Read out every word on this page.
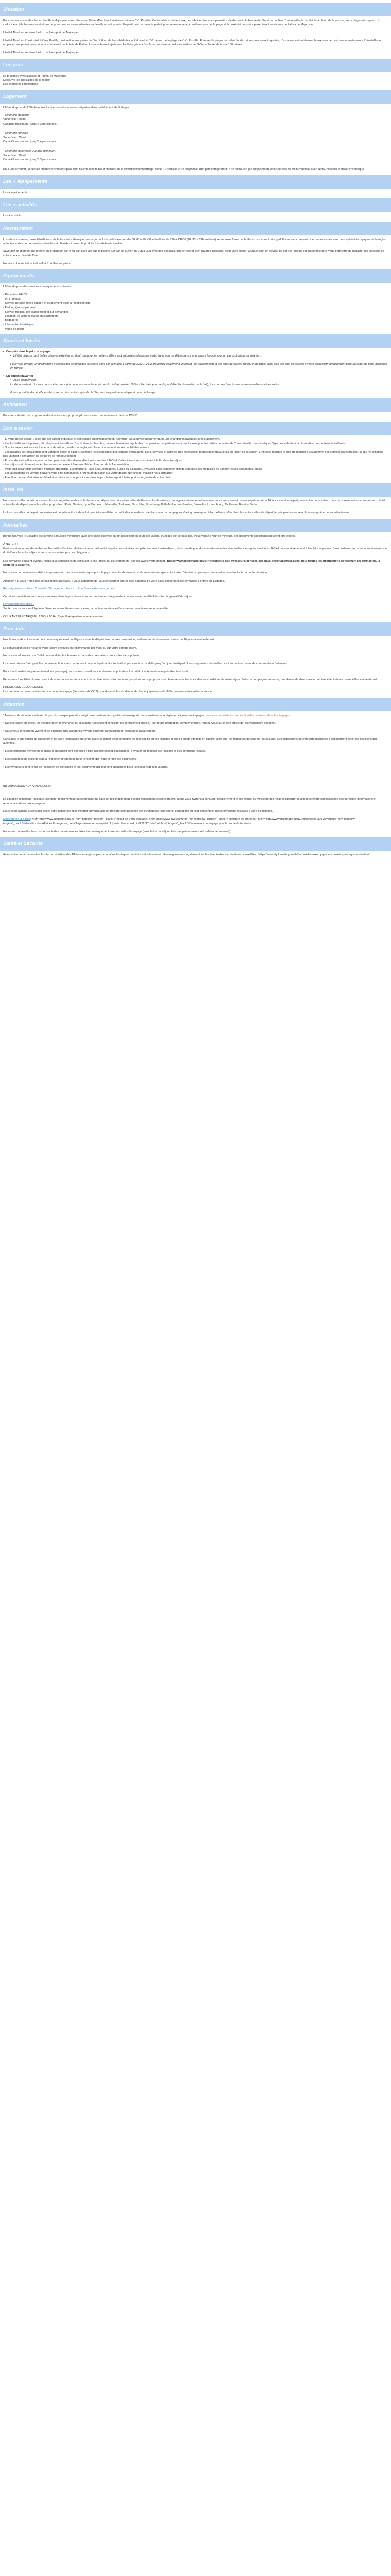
Situation

Pour des vacances de rêve en famille à Majorque, venez découvrir l'hôtel Alua Leo, idéalement situé à Ca'n Pastilla. Confortable et chaleureux, ce club 4 étoiles vous permettra de découvrir la beauté de l'île et de profiter d'une multitude d'activités au bord de la piscine, entre plages et criques. Un cadre idéal, à la fois reposant et animé, pour des vacances réussies en famille ou entre amis. Un petit coin de paradis parfait pour se ressourcer, à quelques pas de la plage et à proximité des principaux lieux touristiques de Palma de Majorque.

L'Hôtel Alua Leo se situe à 4 km de l'aéroport de Majorque.

L'Hôtel Alua Leo 4* est situé à Ca'n Pastilla, destination très prisée de l'île, à 8 km de la cathédrale de Palma et à 100 mètres de la plage de Ca'n Pastilla. Entouré de plages de sable fin, de criques aux eaux turquoise, d'espaces verts et de nombreux commerces, bars et restaurants, l'hôtel offre un emplacement parfait pour découvrir la beauté de la baie de Palma. Les nombreux trajets sont facilités grâce à l'arrêt de bus situé à quelques mètres de l'hôtel et l'arrêt de taxi à 100 mètres.

L'Hôtel Alua Leo se situe à 4 km de l'aéroport de Majorque.

Les plus
La proximité avec la plage et Palma de Majorque
Découvrir les spécialités de la région
Les chambres confortables
Logement

L'hôtel dispose de 280 chambres lumineuses et modernes, réparties dans un bâtiment de 5 étages.

- Chambre standard
Superficie : 20 m²
Capacité maximum : jusqu'à 3 personnes.
- Chambre familiale
Superficie : 25 m²
Capacité maximum : jusqu'à 4 personnes.
- Chambre supérieure vue mer (vendue) :
Superficie : 20 m²
Capacité maximum : jusqu'à 3 personnes.

Pour votre confort, toutes les chambres sont équipées d'un balcon avec table et chaises, de la climatisation/chauffage, d'une TV satellite, d'un téléphone, d'un petit réfrigérateur, d'un coffre-fort (en supplément), et d'une salle de bain complète avec sèche-cheveux et miroir cosmétique.

Les + équipements

Les + équipements

Les + activités

Les + activités

Restauration

Lors de votre séjour, vous bénéficierez de la formule « demi-pension » qui inclut le petit-déjeuner de 08h00 à 10h30, et le dîner de 19h à 21h30 (18h30 – 21h en hiver) servis sous forme de buffet au restaurant principal. Il vous sera proposé une cuisine variée avec des spécialités typiques de la région et toutes sortes de préparations fraîches et chaudes à base de produits frais de haute qualité.

Savourez un moment de détente en prenant un verre au bar avec vue sur la piscine. Le bar est ouvert de 10h à 00h avec des cocktails, des en-cas et bien d'autres boissons, pour votre plaisir. Chaque jour, un service de bar à la piscine est disponible pour vous permettre de déguster les boissons de votre choix au bord de l'eau.

Horaires donnés à titre indicatif et à vérifier sur place.

Equipements

L'hôtel dispose des services et équipements suivants :

- Réception 24h/24
- Wi-Fi gratuit
- Service de salle (avec caution et supplément pour la réceptionniste)
- Parking (en supplément)
- Service médical (en supplément et sur demande)
- Location de voitures (vélo) en supplément
- Bagagerie
- Information touristique
- Vente de billets
Sports et loisirs
• Compris dans le prix du voyage

▪ L'hôtel dispose de 2 belles piscines extérieures, dont une pour les enfants. Elles sont entourées d'espaces verts, idéal pour se détendre sur une chaise longue sous un parasol grâce au solarium.

Pour vous divertir, un programme d'animations est proposé plusieurs soirs par semaine à partir de 21h30. Vous trouverez également un billard (en supplément) et des jeux de société au bar et de table, ainsi que des jeux de société à votre disposition gratuitement pour partager de bons moments en famille.

• En option (payante)
▪ Avec supplément :

La découverte du 2 roues pourra être une option pour explorer les environs du club (consulter l'hôtel à l'arrivée pour la disponibilité, la réservation et le tarif), tout comme l'accès au centre de wellness et les soins.

Il sera possible de bénéficier des spas ou des centres sportifs de l'île, sauf support de montage et carte de lavage.

Animation

Pour vous divertir, un programme d'animations est proposé plusieurs soirs par semaine à partir de 21h30.

Bon à savoir
- Si vous partez seul(e), votre prix est garanti individuel et est calculé automatiquement. Attention : vous devez séjourner dans une chambre individuelle avec supplément.
- Les lits bébé sont à prévoir, afin de pouvoir bénéficier d'un lit dans la chambre, un supplément est applicable. La pension complète ne sera pas incluse pour les bébés de moins de 2 ans. Veuillez nous indiquer l'âge des enfants à la réservation pour obtenir le tarif exact.
- Si votre séjour est soumis à une taxe de séjour, veuillez la régler sur place directement auprès de l'établissement.
- Les horaires de restauration sont variables selon la saison. Attention : il est possible que certains restaurants, bars, services et activités de l'hôtel soient fermés pour travaux ou en raison de la saison. L'hôtel se réserve le droit de modifier ou supprimer ces services sans préavis, ce qui ne constitue pas un motif d'annulation de séjour ni de remboursement.
- En cas de forte affluence, une caution peut vous être demandée à votre arrivée à l'hôtel. Celle-ci vous sera restituée à la fin de votre séjour.
- Les séjours et réservations en basse saison peuvent être modifiés en fonction de la fréquentation.
- Pour tout départ d'un aéroport frontalier (Belgique, Luxembourg, Pays-Bas, Allemagne, Suisse ou Espagne...) veuillez nous contacter afin de connaître les modalités de transfert et les documents requis.
- Les attestations de voyage peuvent vous être demandées. Pour toute question sur votre dossier de voyage, veuillez nous contacter.
- Attention : le transfert aéroport hôtel et le retour ne sont pas inclus dans le prix, le transport à l'aéroport est organisé de votre côté.
Infos vol

Nous avons sélectionné pour vous des vols réguliers et des vols charters au départ des principales villes de France. Les horaires, compagnies aériennes et la nature du vol vous seront communiqués environ 10 jours avant le départ, avec votre convocation. Lors de la réservation, vous pourrez choisir votre ville de départ parmi les villes proposées : Paris, Nantes, Lyon, Bordeaux, Marseille, Toulouse, Nice, Lille, Strasbourg, Bâle-Mulhouse, Genève, Bruxelles, Luxembourg, Mulhouse, Brest et Toulon.

La liste des villes de départ proposées est donnée à titre indicatif et peut être modifiée, le tarif indiqué au départ de Paris avec la compagnie Vueling correspond à la meilleure offre. Pour les autres villes de départ, le prix peut varier selon la compagnie et le vol sélectionné.

Formalités

Bonne nouvelle : l'Espagne est ouverte à tous les voyageurs avec une carte d'identité ou un passeport en cours de validité, quel que soit le pays d'où vous venez. Pour les mineurs, des documents spécifiques peuvent être exigés.

À NOTER :

Il est aussi important de vérifier les formalités d'entrée relatives à votre nationalité auprès des autorités compétentes avant votre départ, ainsi que de prendre connaissance des éventuelles consignes sanitaires, l'hôtel pouvant être amené à les faire appliquer. Dans certains cas, nous nous réservons le droit d'annuler votre séjour si vous ne respectez pas ces obligations.

Les formalités peuvent évoluer. Nous vous conseillons de consulter le site officiel du gouvernement français avant votre départ : https://www.diplomatie.gouv.fr/fr/conseils-aux-voyageurs/conseils-par-pays-destination/espagne/ pour toutes les informations concernant les formalités, la santé et la sécurité.

Nous vous recommandons d'être en possession des documents requis pour le pays de votre destination et de vous assurer que votre carte d'identité ou passeport sera valide pendant toute la durée du séjour.

Attention : si vous n'êtes pas de nationalité française, il vous appartient de vous renseigner auprès des autorités de votre pays concernant les formalités d'entrée en Espagne.

Renseignements utiles : Consulat d'Espagne en France : https://www.exteriores.gob.es/

Certaines prestations ne sont pas incluses dans le prix. Nous vous recommandons de prendre connaissance du détail dans le récapitulatif du séjour.

Renseignements utiles :
Santé : aucun vaccin obligatoire. Pour les ressortissants européens, la carte européenne d'assurance maladie est recommandée.

COURANT ÉLECTRIQUE : 230 V / 50 Hz. Type F. Adaptateur non nécessaire.

Pour info

Nos horaires de vol vous seront communiqués environ 10 jours avant le départ, avec votre convocation, sauf en cas de réservation moins de 10 jours avant le départ.

La convocation et les horaires vous seront envoyés en recommandé par mail, ou sur votre compte client.

Nous vous informons que l'hôtel peut modifier les horaires et tarifs des prestations proposées sans préavis.

La convocation à l'aéroport, les horaires et le numéro de vol sont communiqués à titre indicatif et peuvent être modifiés jusqu'au jour du départ. Il vous appartient de vérifier ces informations avant de vous rendre à l'aéroport.

Pour tout transfert supplémentaire (hors package), nous vous conseillons de réserver auprès de votre hôtel directement ou auprès d'un taxi local.

Personnes à mobilité réduite : merci de nous contacter au moment de la réservation afin que nous puissions vous proposer une chambre adaptée et étudier les conditions de votre séjour. Selon la compagnie aérienne, une demande d'assistance doit être effectuée au moins 48h avant le départ.

PRÉCISIONS ÉCOLOGIQUES

Les précisions concernant le bilan carbone du voyage (émissions de CO2) sont disponibles sur demande. Les équipements de l'hôtel peuvent varier selon la saison.

Attention

* Mesures de sécurité sanitaire : le port du masque peut être exigé dans certains lieux publics et transports, conformément aux règles en vigueur en Espagne. mesures de restriction sur les liquides contenus dans les bagages

* Dans le cadre du Brexit, les voyageurs en provenance du Royaume-Uni doivent consulter les conditions d'entrée. Pour toute information complémentaire, rendez-vous sur le site officiel du gouvernement espagnol.

* Nous vous conseillons vivement de souscrire une assurance voyage couvrant l'annulation et l'assistance rapatriement.

Consultez le site officiel de l'aéroport et de votre compagnie aérienne avant le départ pour connaître les restrictions sur les liquides et autres objets interdits en cabine, ainsi que les formalités de contrôle de sécurité. Les dispositions peuvent être modifiées à tout moment selon les décisions des autorités.

* Les informations mentionnées dans ce descriptif sont données à titre indicatif et sont susceptibles d'évoluer en fonction des saisons et des conditions locales.

* Les consignes de sécurité sont à respecter strictement dans l'enceinte de l'hôtel et lors des excursions.

* Les voyageurs sont tenus de respecter les consignes et les documents qui leur sont demandés pour l'exécution de leur voyage.

INFORMATIONS AUX VOYAGEURS :

La situation climatique, politique, sanitaire, réglementaire ou sécuritaire du pays de destination peut évoluer rapidement et sans préavis. Nous vous invitons à consulter régulièrement le site officiel du Ministère des Affaires Étrangères afin de prendre connaissance des dernières informations et recommandations aux voyageurs.

Nous vous invitons à consulter avant votre départ les sites internet suivants afin de prendre connaissance des éventuelles restrictions, obligations ou tout simplement des informations relatives à votre destination.

Ministère de la Santé: href="http://www.interieur.gouv.fr/" rel="nofollow" target="_blank">Institut de veille sanitaire; href="http://www.invs.sante.fr/" rel="nofollow" target="_blank">Ministère de l'Intérieur; href="http://www.diplomatie.gouv.fr/fr/conseils-aux-voyageurs" rel="nofollow" target="_blank">Ministère des Affaires Étrangères; href="https://www.service-public.fr/particuliers/vosdroits/F2250" rel="nofollow" target="_blank">Documents de voyage pour la sortie du territoire.

Nadoo ne pourra être tenu responsable des conséquences liées à un manquement aux formalités de voyage (annulation du séjour, frais supplémentaires, refus d'embarquement).

Santé et Sécurité

Avant votre départ, consultez le site du ministère des Affaires étrangères pour connaître les risques sanitaires et sécuritaires. Renseignez-vous également sur les éventuelles vaccinations conseillées : https://www.diplomatie.gouv.fr/fr/conseils-aux-voyageurs/conseils-par-pays-destination/
